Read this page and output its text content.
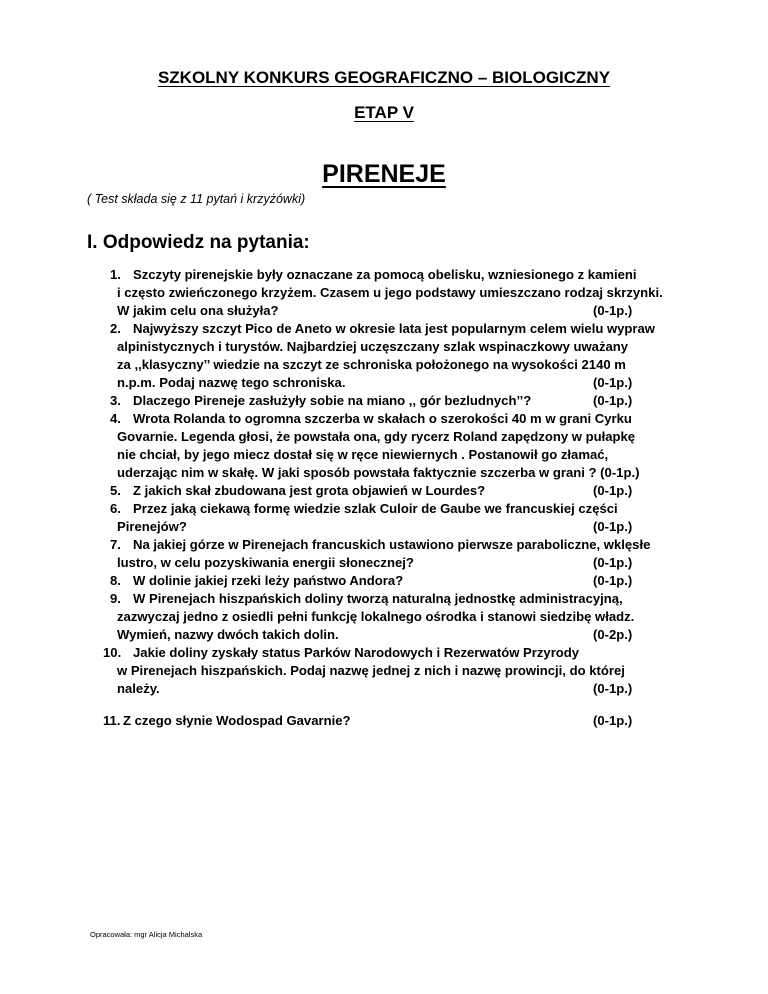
SZKOLNY KONKURS GEOGRAFICZNO – BIOLOGICZNY
ETAP V
PIRENEJE
( Test składa się z 11 pytań i krzyżówki)
I. Odpowiedz na pytania:
1. Szczyty pirenejskie były oznaczane za pomocą obelisku, wzniesionego z kamieni
i często zwieńczonego krzyżem. Czasem u jego podstawy umieszczano rodzaj skrzynki.
W jakim celu ona służyła?	(0-1p.)
2. Najwyższy szczyt Pico de Aneto w okresie lata jest popularnym celem wielu wypraw
alpinistycznych i turystów. Najbardziej uczęszczany szlak wspinaczkowy uważany
za ,,klasyczny’’ wiedzie na szczyt ze schroniska położonego na wysokości 2140 m
n.p.m. Podaj nazwę tego schroniska.	(0-1p.)
3. Dlaczego Pireneje zasłużyły sobie na miano ,, gór bezludnych’’?	(0-1p.)
4. Wrota Rolanda to ogromna szczerba w skałach o szerokości 40 m w grani Cyrku
Govarnie. Legenda głosi, że powstała ona, gdy rycerz Roland zapędzony w pułapkę
nie chciał, by jego miecz dostał się w ręce niewiernych . Postanowił go złamać,
uderzając nim w skałę. W jaki sposób powstała faktycznie szczerba w grani ? (0-1p.)
5. Z jakich skał zbudowana jest grota objawień w Lourdes?	(0-1p.)
6. Przez jaką ciekawą formę wiedzie szlak Culoir de Gaube we francuskiej części
Pirenejów?	(0-1p.)
7. Na jakiej górze w Pirenejach francuskich ustawiono pierwsze paraboliczne, wklęsłe
lustro, w celu pozyskiwania energii słonecznej?	(0-1p.)
8. W dolinie jakiej rzeki leży państwo Andora?	(0-1p.)
9. W Pirenejach hiszpańskich doliny tworzą naturalną jednostkę administracyjną,
zazwyczaj jedno z osiedli pełni funkcję lokalnego ośrodka i stanowi siedzibę władz.
Wymień, nazwy dwóch takich dolin.	(0-2p.)
10. Jakie doliny zyskały status Parków Narodowych i Rezerwatów Przyrody
w Pirenejach hiszpańskich. Podaj nazwę jednej z nich i nazwę prowincji, do której
należy.	(0-1p.)
11. Z czego słynie Wodospad Gavarnie?	(0-1p.)
Opracowała: mgr Alicja Michalska
